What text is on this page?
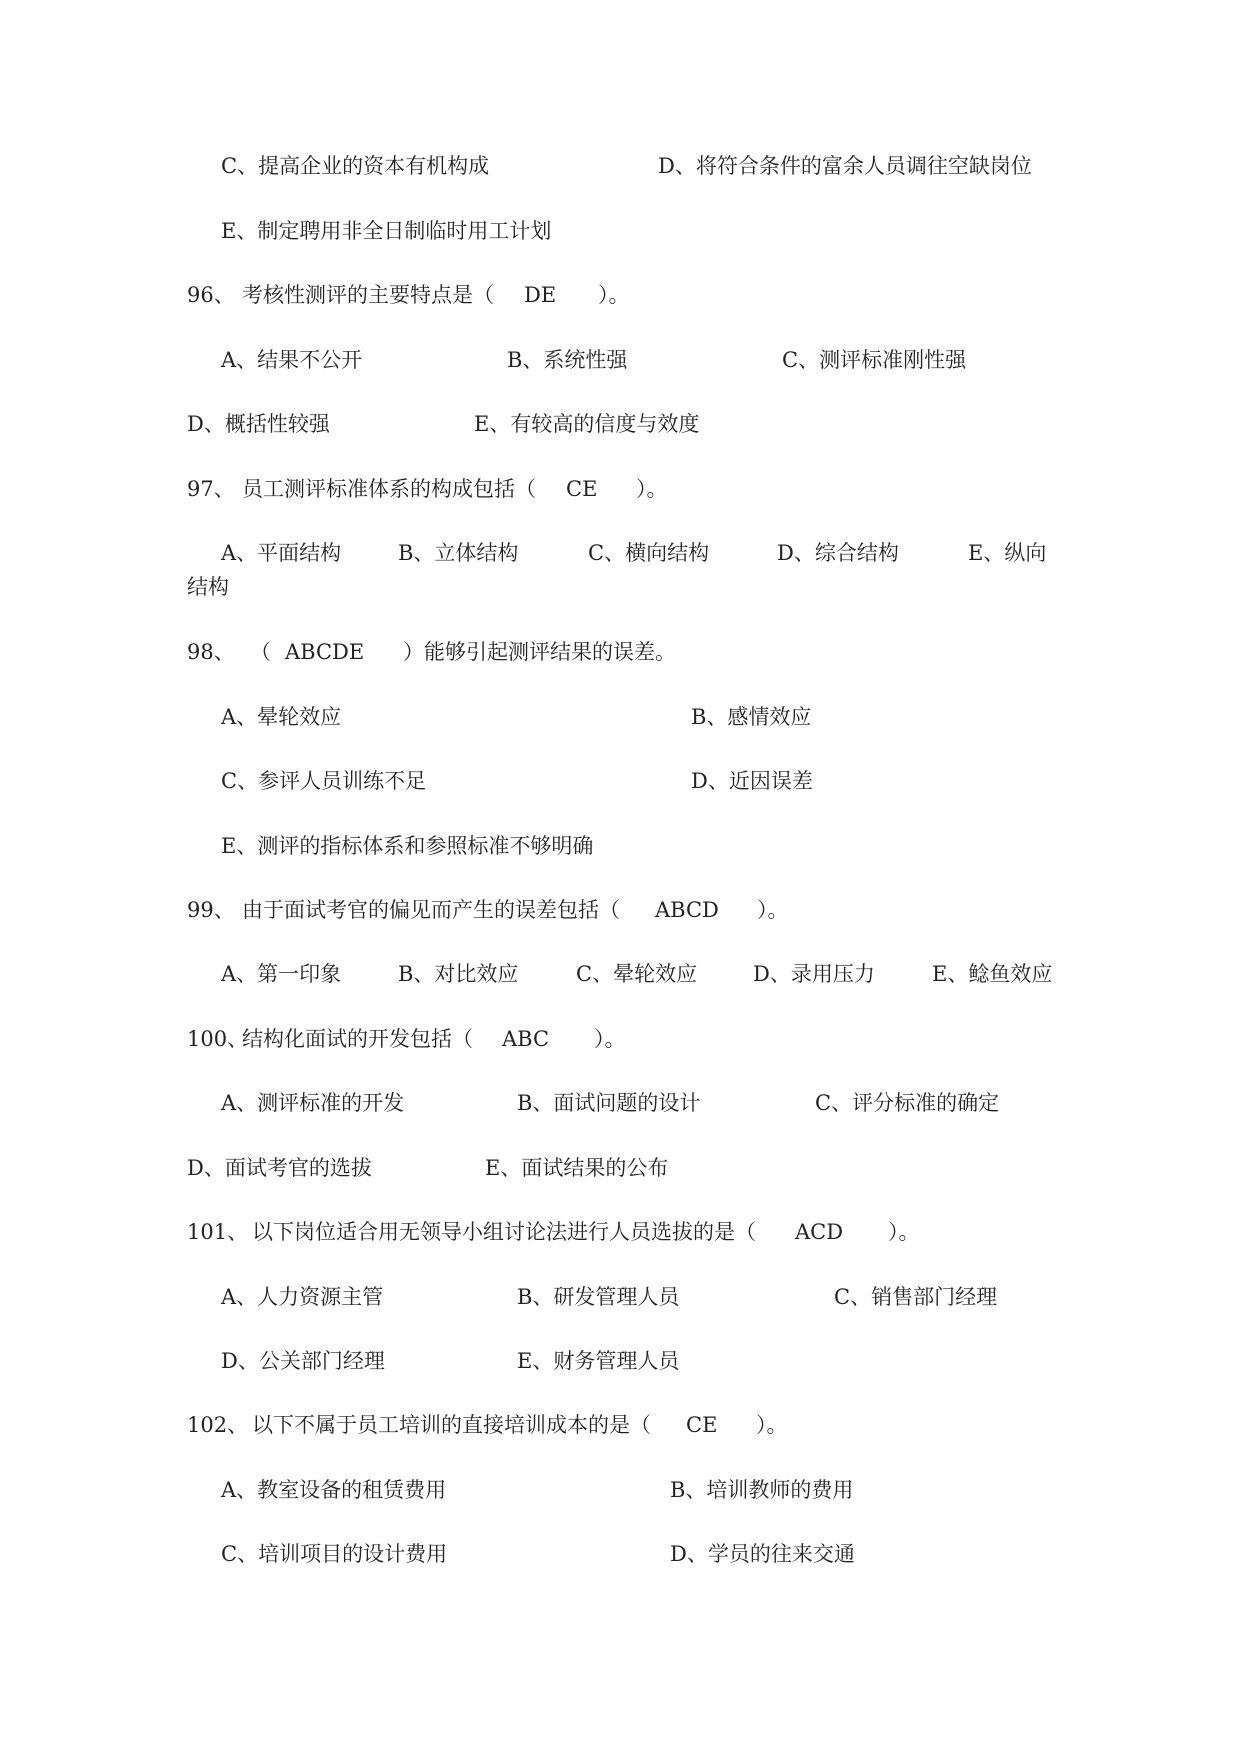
C、提高企业的资本有机构成	D、将符合条件的富余人员调往空缺岗位
E、制定聘用非全日制临时用工计划
96、 考核性测评的主要特点是（ DE ）。
A、结果不公开	B、系统性强	C、测评标准刚性强
D、概括性较强	E、有较高的信度与效度
97、 员工测评标准体系的构成包括（ CE ）。
A、平面结构	B、立体结构	C、横向结构	D、综合结构	E、纵向
结构
98、 （ ABCDE ）能够引起测评结果的误差。
A、晕轮效应	B、感情效应
C、参评人员训练不足	D、近因误差
E、测评的指标体系和参照标准不够明确
99、 由于面试考官的偏见而产生的误差包括（ ABCD ）。
A、第一印象	B、对比效应	C、晕轮效应	D、录用压力	E、鲶鱼效应
100、
结构化面试的开发包括（ ABC ）。
A、测评标准的开发	B、面试问题的设计	C、评分标准的确定
D、面试考官的选拔	E、面试结果的公布
101、 以下岗位适合用无领导小组讨论法进行人员选拔的是（ ACD ）。
A、人力资源主管	B、研发管理人员	C、销售部门经理
D、公关部门经理	E、财务管理人员
102、 以下不属于员工培训的直接培训成本的是（ CE ）。
A、教室设备的租赁费用	B、培训教师的费用
C、培训项目的设计费用	D、学员的往来交通
